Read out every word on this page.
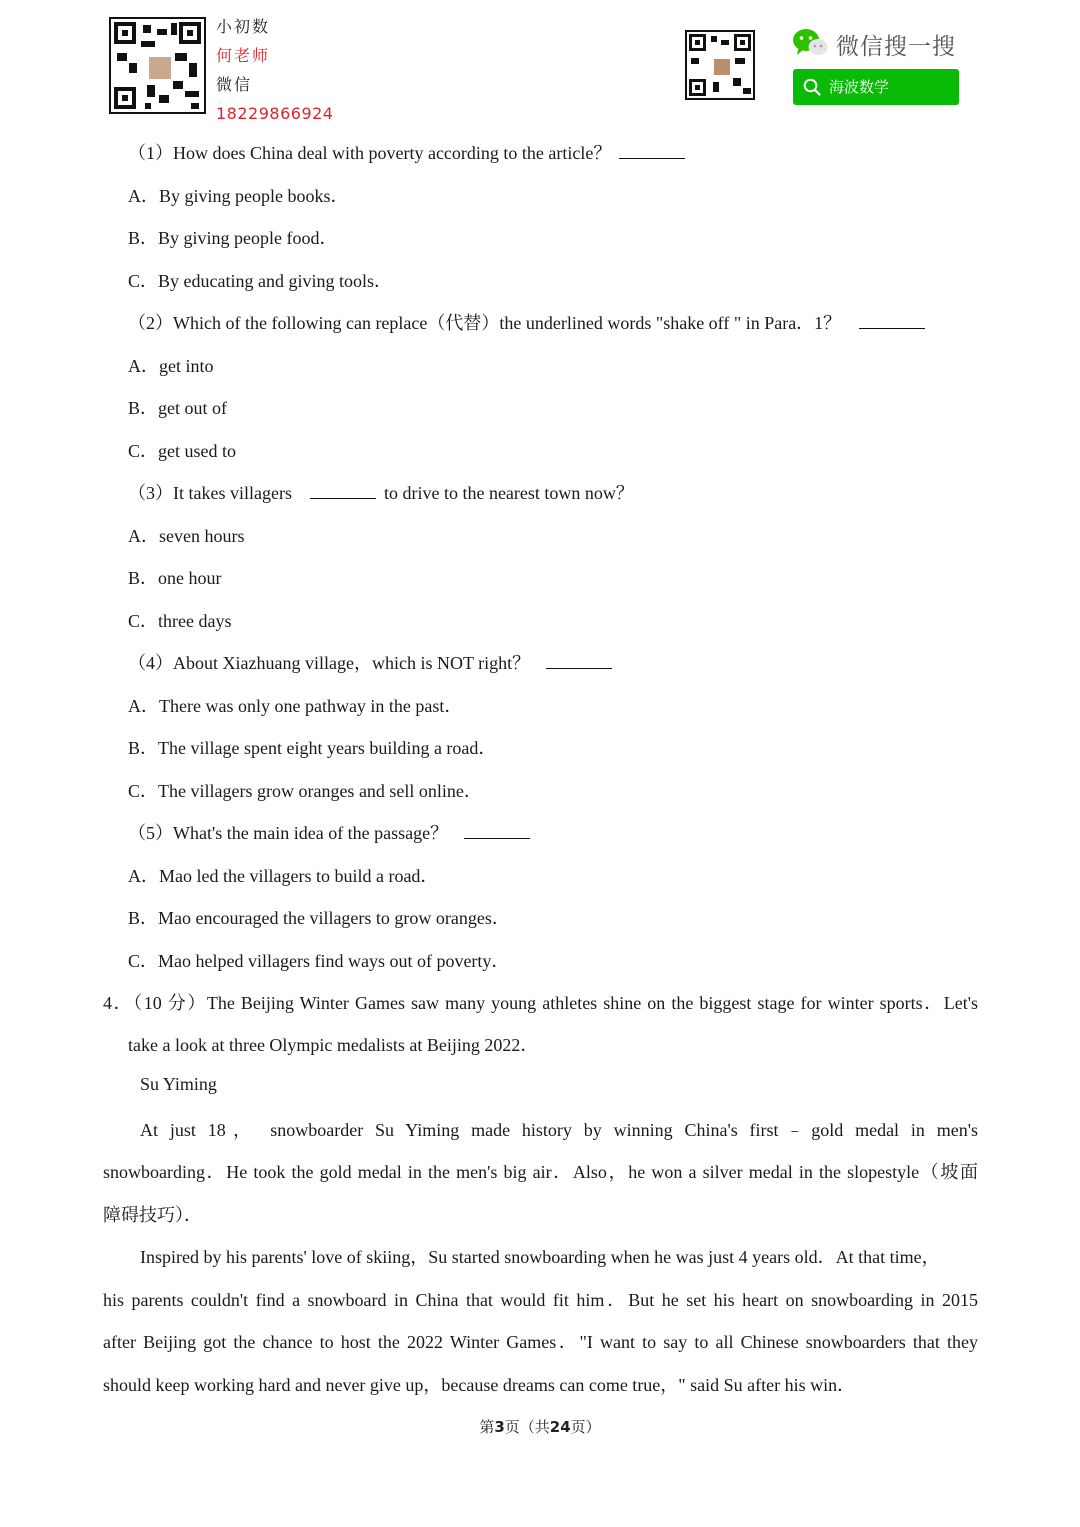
小初数
何老师
微信
18229866924
微信搜一搜
海波数学
（1）How does China deal with poverty according to the article？
A．By giving people books．
B．By giving people food．
C．By educating and giving tools．
（2）Which of the following can replace（代替）the underlined words "shake off " in Para．1？
A．get into
B．get out of
C．get used to
（3）It takes villagers	to drive to the nearest town now？
A．seven hours
B．one hour
C．three days
（4）About Xiazhuang village，which is NOT right？
A．There was only one pathway in the past．
B．The village spent eight years building a road．
C．The villagers grow oranges and sell online．
（5）What's the main idea of the passage？
A．Mao led the villagers to build a road．
B．Mao encouraged the villagers to grow oranges．
C．Mao helped villagers find ways out of poverty．
4．（10 分）The Beijing Winter Games saw many young athletes shine on the biggest stage for winter sports．Let's
take a look at three Olympic medalists at Beijing 2022．
Su Yiming
At just 18， snowboarder Su Yiming made history by winning China's first﹣gold medal in men's
snowboarding．He took the gold medal in the men's big air．Also，he won a silver medal in the slopestyle（坡面
障碍技巧）．
Inspired by his parents' love of skiing，Su started snowboarding when he was just 4 years old．At that time，
his parents couldn't find a snowboard in China that would fit him．But he set his heart on snowboarding in 2015
after Beijing got the chance to host the 2022 Winter Games．"I want to say to all Chinese snowboarders that they
should keep working hard and never give up，because dreams can come true，" said Su after his win．
第3页（共24页）
